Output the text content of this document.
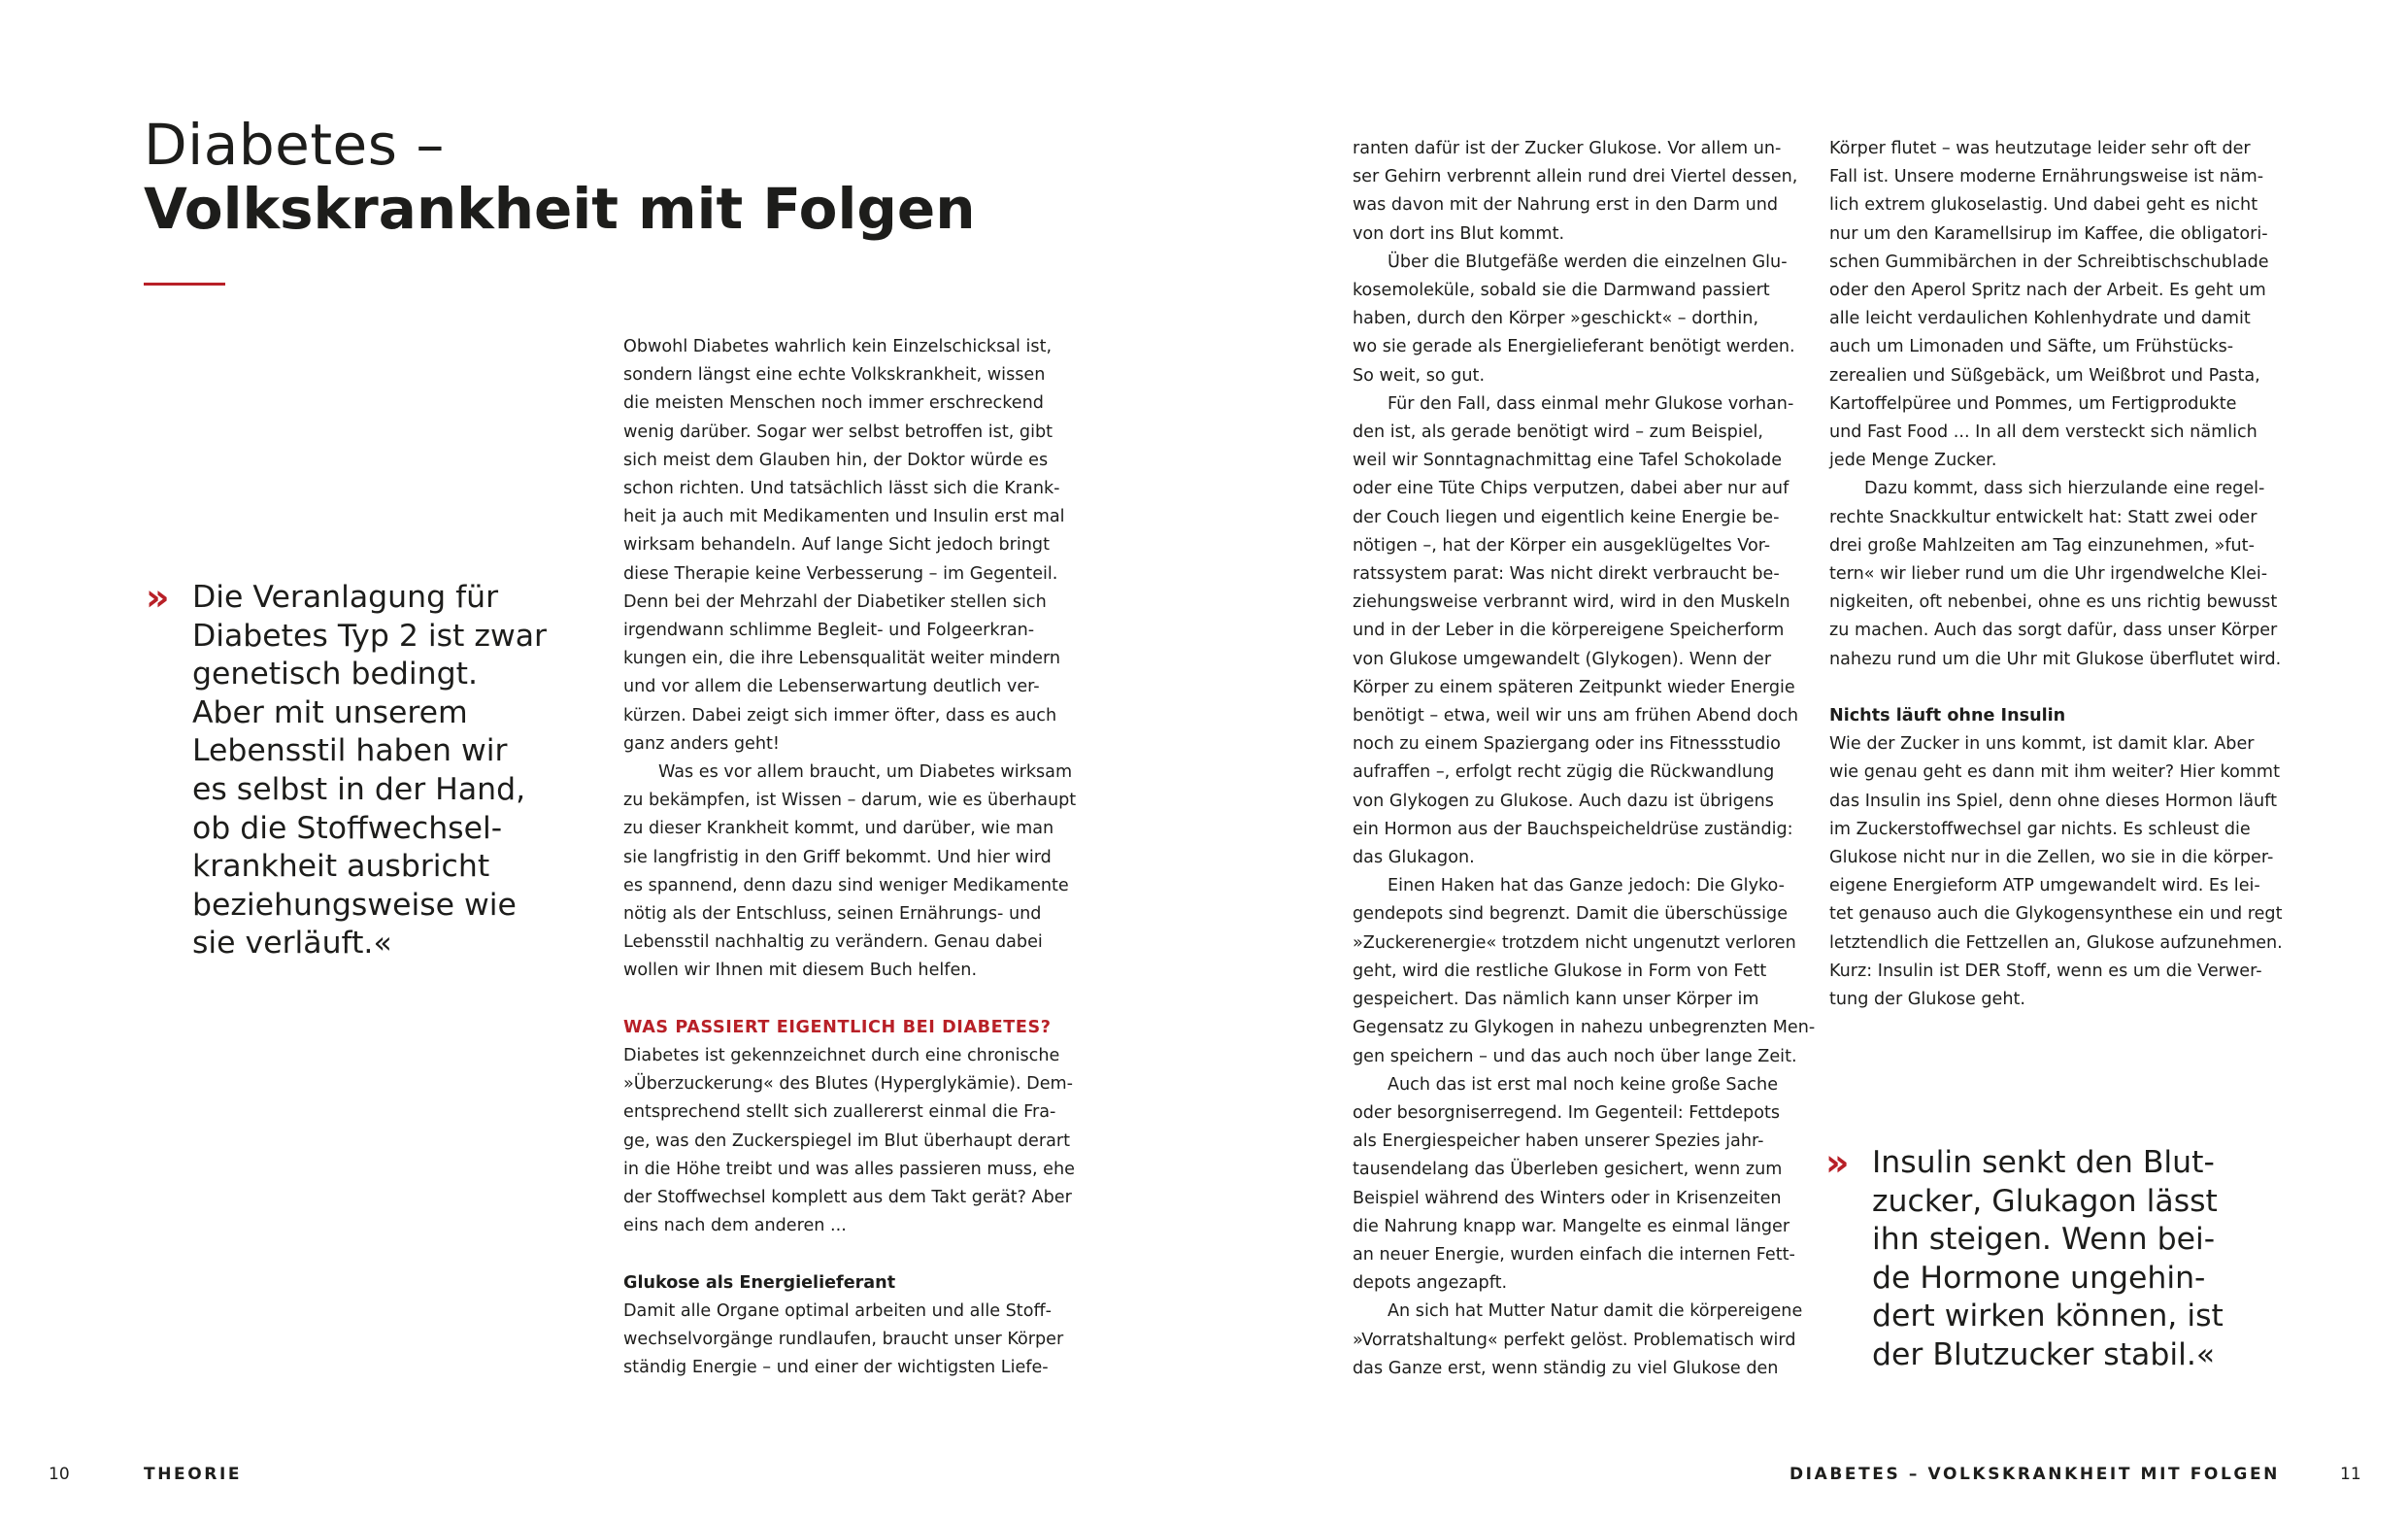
Diabetes –
Volkskrankheit mit Folgen
»	Die Veranlagung für
Diabetes Typ 2 ist zwar
genetisch bedingt.
Aber mit unserem
Lebensstil haben wir
es selbst in der Hand,
ob die Stoffwechsel-
krankheit ausbricht
beziehungsweise wie
sie verläuft.«
»	Insulin senkt den Blut-
zucker, Glukagon lässt
ihn steigen. Wenn bei-
de Hormone ungehin-
dert wirken können, ist
der Blutzucker stabil.«
Obwohl Diabetes wahrlich kein Einzelschicksal ist,
sondern längst eine echte Volkskrankheit, wissen
die meisten Menschen noch immer erschreckend
wenig darüber. Sogar wer selbst betroffen ist, gibt
sich meist dem Glauben hin, der Doktor würde es
schon richten. Und tatsächlich lässt sich die Krank-
heit ja auch mit Medikamenten und Insulin erst mal
wirksam behandeln. Auf lange Sicht jedoch bringt
diese Therapie keine Verbesserung – im Gegenteil.
Denn bei der Mehrzahl der Diabetiker stellen sich
irgendwann schlimme Begleit- und Folgeerkran-
kungen ein, die ihre Lebensqualität weiter mindern
und vor allem die Lebenserwartung deutlich ver-
kürzen. Dabei zeigt sich immer öfter, dass es auch
ganz anders geht!
Was es vor allem braucht, um Diabetes wirksam
zu bekämpfen, ist Wissen – darum, wie es überhaupt
zu dieser Krankheit kommt, und darüber, wie man
sie langfristig in den Griff bekommt. Und hier wird
es spannend, denn dazu sind weniger Medikamente
nötig als der Entschluss, seinen Ernährungs- und
Lebensstil nachhaltig zu verändern. Genau dabei
wollen wir Ihnen mit diesem Buch helfen.
WAS PASSIERT EIGENTLICH BEI DIABETES?
Diabetes ist gekennzeichnet durch eine chronische
»Überzuckerung« des Blutes (Hyperglykämie). Dem-
entsprechend stellt sich zuallererst einmal die Fra-
ge, was den Zuckerspiegel im Blut überhaupt derart
in die Höhe treibt und was alles passieren muss, ehe
der Stoffwechsel komplett aus dem Takt gerät? Aber
eins nach dem anderen ...
Glukose als Energielieferant
Damit alle Organe optimal arbeiten und alle Stoff-
wechselvorgänge rundlaufen, braucht unser Körper
ständig Energie – und einer der wichtigsten Liefe-
ranten dafür ist der Zucker Glukose. Vor allem un-
ser Gehirn verbrennt allein rund drei Viertel dessen,
was davon mit der Nahrung erst in den Darm und
von dort ins Blut kommt.
Über die Blutgefäße werden die einzelnen Glu-
kosemoleküle, sobald sie die Darmwand passiert
haben, durch den Körper »geschickt« – dorthin,
wo sie gerade als Energielieferant benötigt werden.
So weit, so gut.
Für den Fall, dass einmal mehr Glukose vorhan-
den ist, als gerade benötigt wird – zum Beispiel,
weil wir Sonntagnachmittag eine Tafel Schokolade
oder eine Tüte Chips verputzen, dabei aber nur auf
der Couch liegen und eigentlich keine Energie be-
nötigen –, hat der Körper ein ausgeklügeltes Vor-
ratssystem parat: Was nicht direkt verbraucht be-
ziehungsweise verbrannt wird, wird in den Muskeln
und in der Leber in die körpereigene Speicherform
von Glukose umgewandelt (Glykogen). Wenn der
Körper zu einem späteren Zeitpunkt wieder Energie
benötigt – etwa, weil wir uns am frühen Abend doch
noch zu einem Spaziergang oder ins Fitnessstudio
aufraffen –, erfolgt recht zügig die Rückwandlung
von Glykogen zu Glukose. Auch dazu ist übrigens
ein Hormon aus der Bauchspeicheldrüse zuständig:
das Glukagon.
Einen Haken hat das Ganze jedoch: Die Glyko-
gendepots sind begrenzt. Damit die überschüssige
»Zuckerenergie« trotzdem nicht ungenutzt verloren
geht, wird die restliche Glukose in Form von Fett
gespeichert. Das nämlich kann unser Körper im
Gegensatz zu Glykogen in nahezu unbegrenzten Men-
gen speichern – und das auch noch über lange Zeit.
Auch das ist erst mal noch keine große Sache
oder besorgniserregend. Im Gegenteil: Fettdepots
als Energiespeicher haben unserer Spezies jahr-
tausendelang das Überleben gesichert, wenn zum
Beispiel während des Winters oder in Krisenzeiten
die Nahrung knapp war. Mangelte es einmal länger
an neuer Energie, wurden einfach die internen Fett-
depots angezapft.
An sich hat Mutter Natur damit die körpereigene
»Vorratshaltung« perfekt gelöst. Problematisch wird
das Ganze erst, wenn ständig zu viel Glukose den
Körper flutet – was heutzutage leider sehr oft der
Fall ist. Unsere moderne Ernährungsweise ist näm-
lich extrem glukoselastig. Und dabei geht es nicht
nur um den Karamellsirup im Kaffee, die obligatori-
schen Gummibärchen in der Schreibtischschublade
oder den Aperol Spritz nach der Arbeit. Es geht um
alle leicht verdaulichen Kohlenhydrate und damit
auch um Limonaden und Säfte, um Frühstücks-
zerealien und Süßgebäck, um Weißbrot und Pasta,
Kartoffelpüree und Pommes, um Fertigprodukte
und Fast Food ... In all dem versteckt sich nämlich
jede Menge Zucker.
Dazu kommt, dass sich hierzulande eine regel-
rechte Snackkultur entwickelt hat: Statt zwei oder
drei große Mahlzeiten am Tag einzunehmen, »fut-
tern« wir lieber rund um die Uhr irgendwelche Klei-
nigkeiten, oft nebenbei, ohne es uns richtig bewusst
zu machen. Auch das sorgt dafür, dass unser Körper
nahezu rund um die Uhr mit Glukose überflutet wird.
Nichts läuft ohne Insulin
Wie der Zucker in uns kommt, ist damit klar. Aber
wie genau geht es dann mit ihm weiter? Hier kommt
das Insulin ins Spiel, denn ohne dieses Hormon läuft
im Zuckerstoffwechsel gar nichts. Es schleust die
Glukose nicht nur in die Zellen, wo sie in die körper-
eigene Energieform ATP umgewandelt wird. Es lei-
tet genauso auch die Glykogensynthese ein und regt
letztendlich die Fettzellen an, Glukose aufzunehmen.
Kurz: Insulin ist DER Stoff, wenn es um die Verwer-
tung der Glukose geht.
10	THEORIE	DIABETES – VOLKSKRANKHEIT MIT FOLGEN	11
